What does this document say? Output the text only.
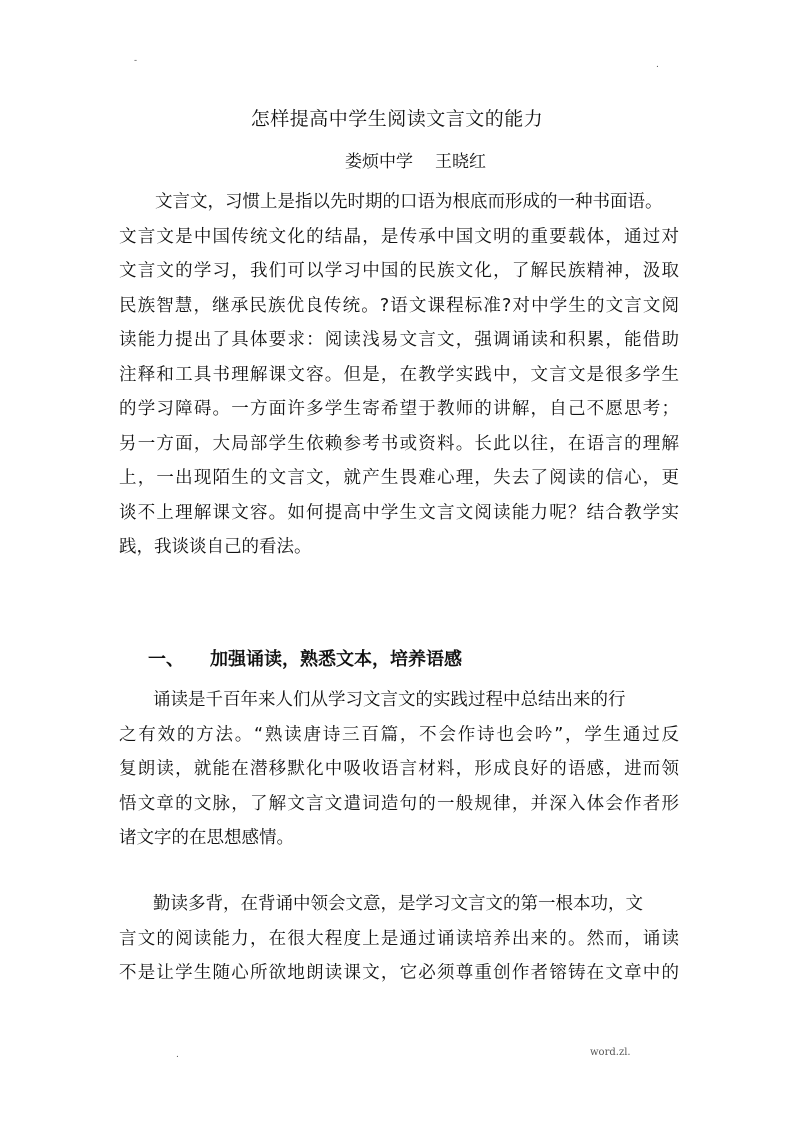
-	.
怎样提高中学生阅读文言文的能力
娄烦中学 王晓红
文言文，习惯上是指以先时期的口语为根底而形成的一种书面语。
文言文是中国传统文化的结晶，是传承中国文明的重要载体，通过对
文言文的学习，我们可以学习中国的民族文化，了解民族精神，汲取
民族智慧，继承民族优良传统。?语文课程标准?对中学生的文言文阅
读能力提出了具体要求：阅读浅易文言文，强调诵读和积累，能借助
注释和工具书理解课文容。但是，在教学实践中，文言文是很多学生
的学习障碍。一方面许多学生寄希望于教师的讲解，自己不愿思考；
另一方面，大局部学生依赖参考书或资料。长此以往，在语言的理解
上，一出现陌生的文言文，就产生畏难心理，失去了阅读的信心，更
谈不上理解课文容。如何提高中学生文言文阅读能力呢？结合教学实
践，我谈谈自己的看法。
一、 加强诵读，熟悉文本，培养语感
诵读是千百年来人们从学习文言文的实践过程中总结出来的行
之有效的方法。“熟读唐诗三百篇，不会作诗也会吟”，学生通过反
复朗读，就能在潜移默化中吸收语言材料，形成良好的语感，进而领
悟文章的文脉，了解文言文遣词造句的一般规律，并深入体会作者形
诸文字的在思想感情。
勤读多背，在背诵中领会文意，是学习文言文的第一根本功，文
言文的阅读能力，在很大程度上是通过诵读培养出来的。然而，诵读
不是让学生随心所欲地朗读课文，它必须尊重创作者镕铸在文章中的
.	word.zl.
